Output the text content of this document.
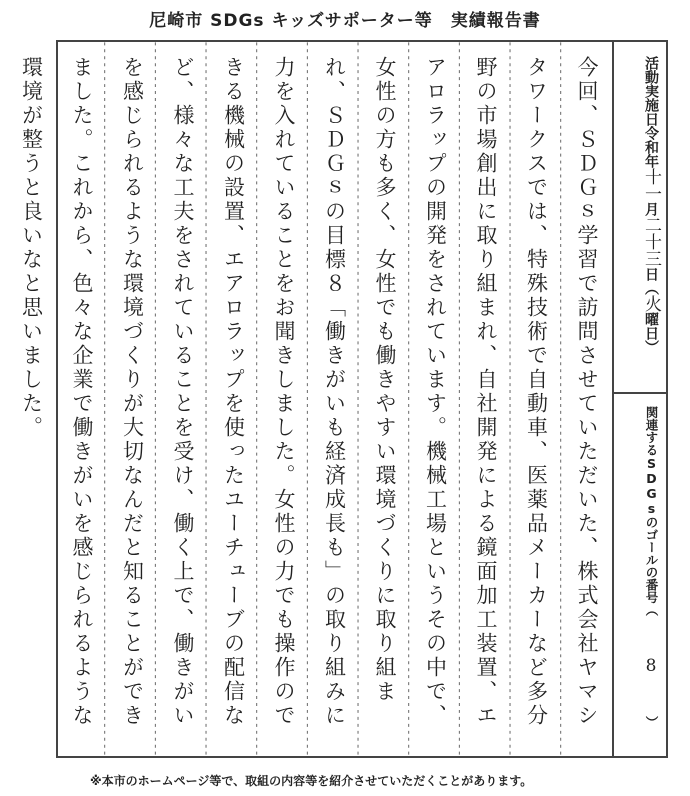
尼崎市 SDGs キッズサポーター等　実績報告書

今回、ＳＤＧｓ学習で訪問させていただいた、株式会社ヤマシタワークスでは、特殊技術で自動車、医薬品メーカーなど多分野の市場創出に取り組まれ、自社開発による鏡面加工装置、エアロラップの開発をされています。機械工場というその中で、女性の方も多く、女性でも働きやすい環境づくりに取り組まれ、ＳＤＧｓの目標８「働きがいも経済成長も」の取り組みに力を入れていることをお聞きしました。女性の力でも操作のできる機械の設置、エアロラップを使ったユーチューブの配信など、様々な工夫をされていることを受け、働く上で、働きがいを感じられるような環境づくりが大切なんだと知ることができました。これから、色々な企業で働きがいを感じられるような環境が整うと良いなと思いました。	活動実施日
令和
年
十一
月
二十三
日
（
火
曜日）
関連するSDGsのゴールの番号（
8
）
※本市のホームページ等で、取組の内容等を紹介させていただくことがあります。
